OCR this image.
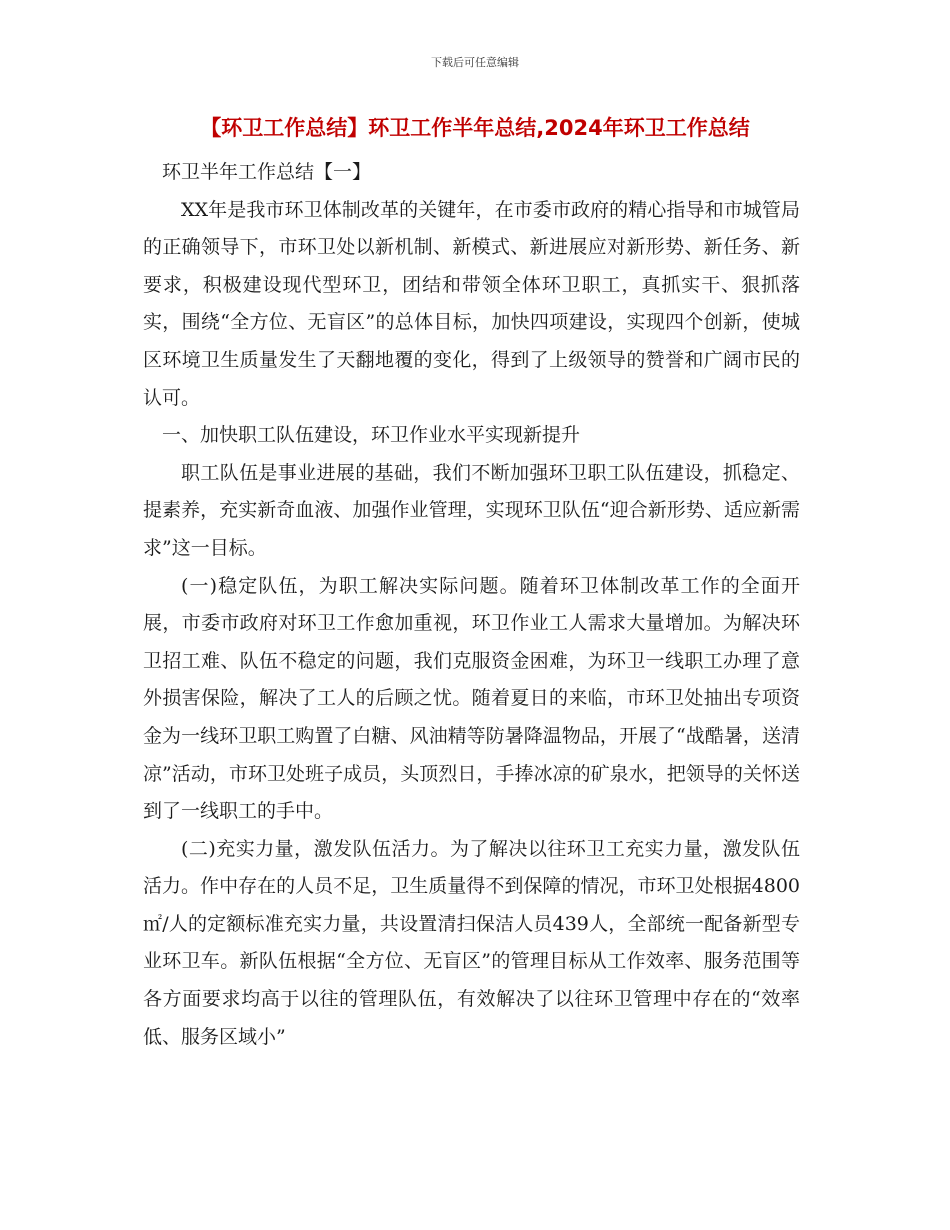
下载后可任意编辑
【环卫工作总结】环卫工作半年总结,2024年环卫工作总结

环卫半年工作总结【一】

XX年是我市环卫体制改革的关键年，在市委市政府的精心指导和市城管局的正确领导下，市环卫处以新机制、新模式、新进展应对新形势、新任务、新要求，积极建设现代型环卫，团结和带领全体环卫职工，真抓实干、狠抓落实，围绕“全方位、无盲区”的总体目标，加快四项建设，实现四个创新，使城区环境卫生质量发生了天翻地覆的变化，得到了上级领导的赞誉和广阔市民的认可。

一、加快职工队伍建设，环卫作业水平实现新提升

职工队伍是事业进展的基础，我们不断加强环卫职工队伍建设，抓稳定、提素养，充实新奇血液、加强作业管理，实现环卫队伍“迎合新形势、适应新需求”这一目标。

(一)稳定队伍，为职工解决实际问题。随着环卫体制改革工作的全面开展，市委市政府对环卫工作愈加重视，环卫作业工人需求大量增加。为解决环卫招工难、队伍不稳定的问题，我们克服资金困难，为环卫一线职工办理了意外损害保险，解决了工人的后顾之忧。随着夏日的来临，市环卫处抽出专项资金为一线环卫职工购置了白糖、风油精等防暑降温物品，开展了“战酷暑，送清凉”活动，市环卫处班子成员，头顶烈日，手捧冰凉的矿泉水，把领导的关怀送到了一线职工的手中。

(二)充实力量，激发队伍活力。为了解决以往环卫工充实力量，激发队伍活力。作中存在的人员不足，卫生质量得不到保障的情况，市环卫处根据4800㎡/人的定额标准充实力量，共设置清扫保洁人员439人，全部统一配备新型专业环卫车。新队伍根据“全方位、无盲区”的管理目标从工作效率、服务范围等各方面要求均高于以往的管理队伍，有效解决了以往环卫管理中存在的“效率低、服务区域小”
